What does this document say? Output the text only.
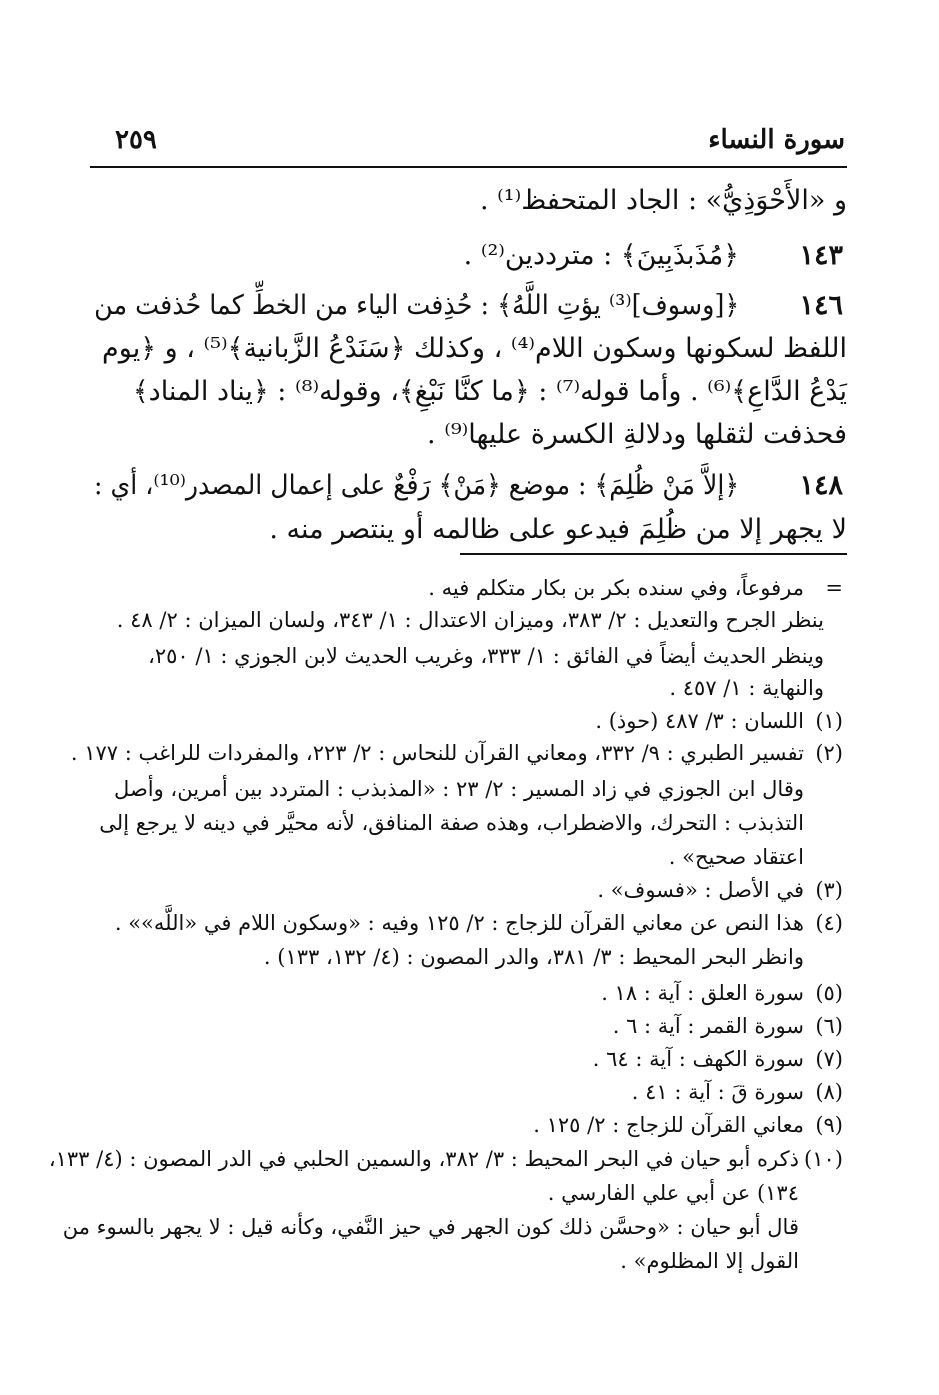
سورة النساء
٢٥٩
و «الأَحْوَذِيُّ» : الجاد المتحفظ⁽¹⁾ .
١٤٣
﴿مُذَبذَبِينَ﴾ : مترددين⁽²⁾ .
١٤٦
﴿[وسوف]⁽³⁾ يؤتِ اللَّهُ﴾ : حُذِفت الياء من الخطِّ كما حُذفت من
اللفظ لسكونها وسكون اللام⁽⁴⁾ ، وكذلك ﴿سَنَدْعُ الزَّبانية﴾⁽⁵⁾ ، و ﴿يوم
يَدْعُ الدَّاعِ﴾⁽⁶⁾ . وأما قوله⁽⁷⁾ : ﴿ما كنَّا نَبْغِ﴾، وقوله⁽⁸⁾ : ﴿يناد المناد﴾
فحذفت لثقلها ودلالةِ الكسرة عليها⁽⁹⁾ .
١٤٨
﴿إلاَّ مَنْ ظُلِمَ﴾ : موضع ﴿مَنْ﴾ رَفْعٌ على إعمال المصدر⁽¹⁰⁾، أي :
لا يجهر إلا من ظُلِمَ فيدعو على ظالمه أو ينتصر منه .
=
مرفوعاً، وفي سنده بكر بن بكار متكلم فيه .
ينظر الجرح والتعديل : ٢/ ٣٨٣، وميزان الاعتدال : ١/ ٣٤٣، ولسان الميزان : ٢/ ٤٨ .
وينظر الحديث أيضاً في الفائق : ١/ ٣٣٣، وغريب الحديث لابن الجوزي : ١/ ٢٥٠،
والنهاية : ١/ ٤٥٧ .
(١)
اللسان : ٣/ ٤٨٧ (حوذ) .
(٢)
تفسير الطبري : ٩/ ٣٣٢، ومعاني القرآن للنحاس : ٢/ ٢٢٣، والمفردات للراغب : ١٧٧ .
وقال ابن الجوزي في زاد المسير : ٢/ ٢٣ : «المذبذب : المتردد بين أمرين، وأصل
التذبذب : التحرك، والاضطراب، وهذه صفة المنافق، لأنه محيَّر في دينه لا يرجع إلى
اعتقاد صحيح» .
(٣)
في الأصل : «فسوف» .
(٤)
هذا النص عن معاني القرآن للزجاج : ٢/ ١٢٥ وفيه : «وسكون اللام في «اللَّه»» .
وانظر البحر المحيط : ٣/ ٣٨١، والدر المصون : (٤/ ١٣٢، ١٣٣) .
(٥)
سورة العلق : آية : ١٨ .
(٦)
سورة القمر : آية : ٦ .
(٧)
سورة الكهف : آية : ٦٤ .
(٨)
سورة قَ : آية : ٤١ .
(٩)
معاني القرآن للزجاج : ٢/ ١٢٥ .
(١٠)
ذكره أبو حيان في البحر المحيط : ٣/ ٣٨٢، والسمين الحلبي في الدر المصون : (٤/ ١٣٣،
١٣٤) عن أبي علي الفارسي .
قال أبو حيان : «وحسَّن ذلك كون الجهر في حيز النَّفي، وكأنه قيل : لا يجهر بالسوء من
القول إلا المظلوم» .
